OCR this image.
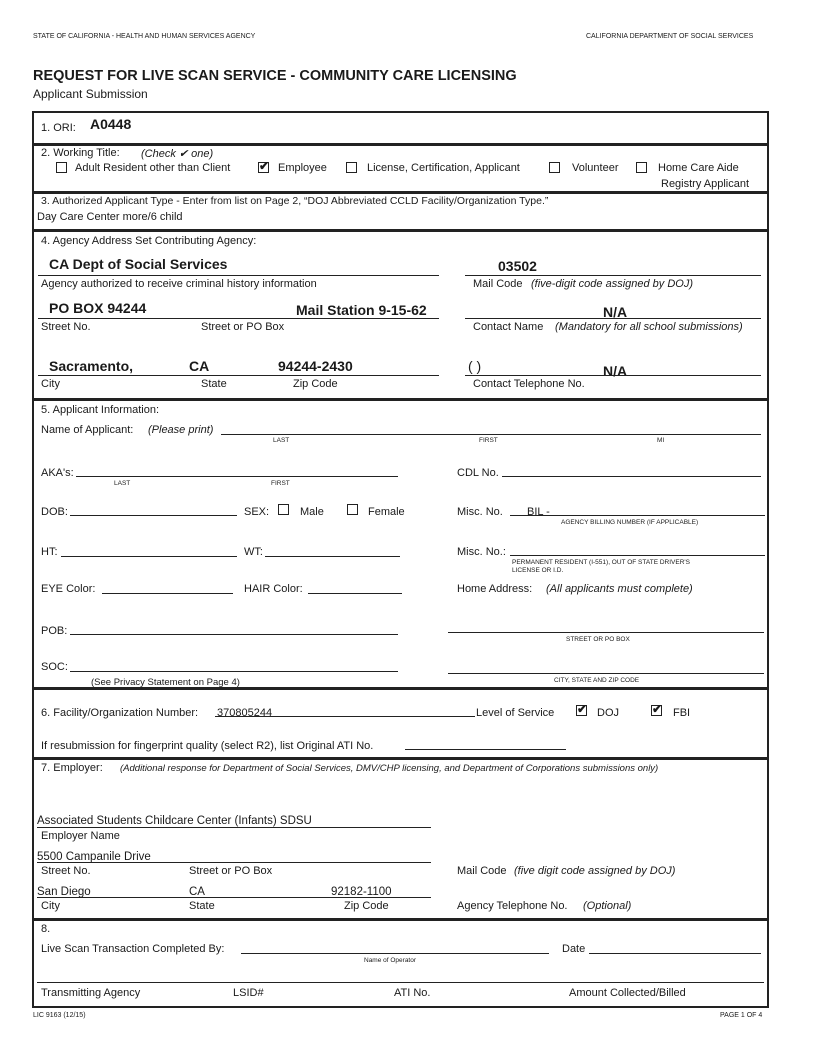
STATE OF CALIFORNIA - HEALTH AND HUMAN SERVICES AGENCY	CALIFORNIA DEPARTMENT OF SOCIAL SERVICES
REQUEST FOR LIVE SCAN SERVICE - COMMUNITY CARE LICENSING
Applicant Submission
1. ORI: A0448
2. Working Title: (Check ✔ one)
Adult Resident other than Client ✔ Employee	License, Certification, Applicant	Volunteer	Home Care Aide
Registry Applicant
3. Authorized Applicant Type - Enter from list on Page 2, “DOJ Abbreviated CCLD Facility/Organization Type.”
Day Care Center more/6 child
4. Agency Address Set Contributing Agency:
CA Dept of Social Services	03502
Agency authorized to receive criminal history information	Mail Code (five-digit code assigned by DOJ)
PO BOX 94244	Mail Station 9-15-62	N/A
Street No.	Street or PO Box	Contact Name (Mandatory for all school submissions)
Sacramento,	CA	94244-2430	( )	N/A
City	State	Zip Code	Contact Telephone No.
5. Applicant Information:
Name of Applicant: (Please print)
LAST	FIRST	MI
AKA's:
LAST	FIRST
CDL No.
DOB:	SEX:	Male	Female	Misc. No. BIL -
AGENCY BILLING NUMBER (IF APPLICABLE)
HT:	WT:	Misc. No.:
PERMANENT RESIDENT (I-551), OUT OF STATE DRIVER'S
LICENSE OR I.D.
EYE Color:	HAIR Color:	Home Address: (All applicants must complete)
POB:
STREET OR PO BOX
SOC:
(See Privacy Statement on Page 4)	CITY, STATE AND ZIP CODE
6. Facility/Organization Number: 370805244	Level of Service ✔ DOJ	✔ FBI
If resubmission for fingerprint quality (select R2), list Original ATI No.
7. Employer: (Additional response for Department of Social Services, DMV/CHP licensing, and Department of Corporations submissions only)
Associated Students Childcare Center (Infants) SDSU
Employer Name
5500 Campanile Drive
Street No.	Street or PO Box	Mail Code (five digit code assigned by DOJ)
San Diego	CA	92182-1100
City	State	Zip Code	Agency Telephone No. (Optional)
8.
Live Scan Transaction Completed By:
Name of Operator
Date
Transmitting Agency	LSID#	ATI No.	Amount Collected/Billed
LIC 9163 (12/15)	PAGE 1 OF 4
